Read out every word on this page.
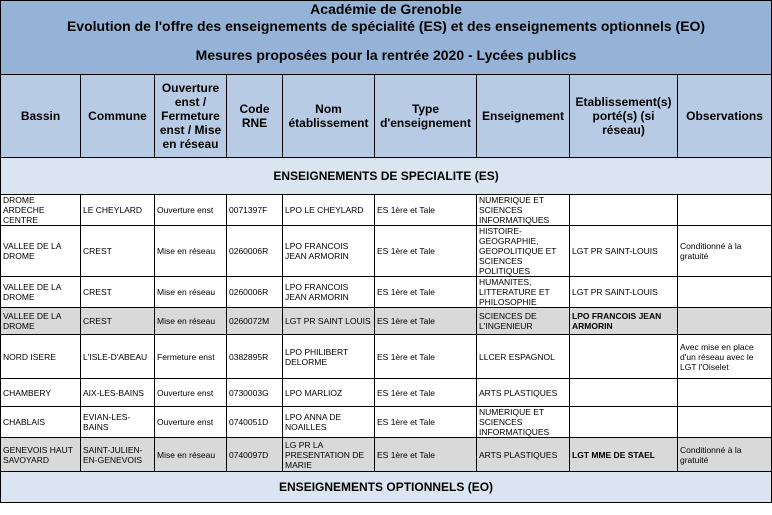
Académie de Grenoble
Evolution de l'offre des enseignements de spécialité (ES) et des enseignements optionnels (EO)
Mesures proposées pour la rentrée 2020 - Lycées publics								

Bassin	Commune	Ouverture enst / Fermeture enst / Mise en réseau	Code RNE	Nom établissement	Type d'enseignement	Enseignement	Etablissement(s) porté(s) (si réseau)	Observations
ENSEIGNEMENTS DE SPECIALITE (ES)								
DROME ARDECHE CENTRE	LE CHEYLARD	Ouverture enst	0071397F	LPO LE CHEYLARD	ES 1ère et Tale	NUMERIQUE ET SCIENCES INFORMATIQUES		
VALLEE DE LA DROME	CREST	Mise en réseau	0260006R	LPO FRANCOIS JEAN ARMORIN	ES 1ère et Tale	HISTOIRE-GEOGRAPHIE, GEOPOLITIQUE ET SCIENCES POLITIQUES	LGT PR SAINT-LOUIS	Conditionné à la gratuité
VALLEE DE LA DROME	CREST	Mise en réseau	0260006R	LPO FRANCOIS JEAN ARMORIN	ES 1ère et Tale	HUMANITES, LITTERATURE ET PHILOSOPHIE	LGT PR SAINT-LOUIS	
VALLEE DE LA DROME	CREST	Mise en réseau	0260072M	LGT PR SAINT LOUIS	ES 1ère et Tale	SCIENCES DE L'INGENIEUR	LPO FRANCOIS JEAN ARMORIN	
NORD ISERE	L'ISLE-D'ABEAU	Fermeture enst	0382895R	LPO PHILIBERT DELORME	ES 1ère et Tale	LLCER ESPAGNOL		Avec mise en place d'un réseau avec le LGT l'Oiselet
CHAMBERY	AIX-LES-BAINS	Ouverture enst	0730003G	LPO MARLIOZ	ES 1ère et Tale	ARTS PLASTIQUES		
CHABLAIS	EVIAN-LES-BAINS	Ouverture enst	0740051D	LPO ANNA DE NOAILLES	ES 1ère et Tale	NUMERIQUE ET SCIENCES INFORMATIQUES		
GENEVOIS HAUT SAVOYARD	SAINT-JULIEN-EN-GENEVOIS	Mise en réseau	0740097D	LG PR LA PRESENTATION DE MARIE	ES 1ère et Tale	ARTS PLASTIQUES	LGT MME DE STAEL	Conditionné à la gratuité
ENSEIGNEMENTS OPTIONNELS (EO)								
